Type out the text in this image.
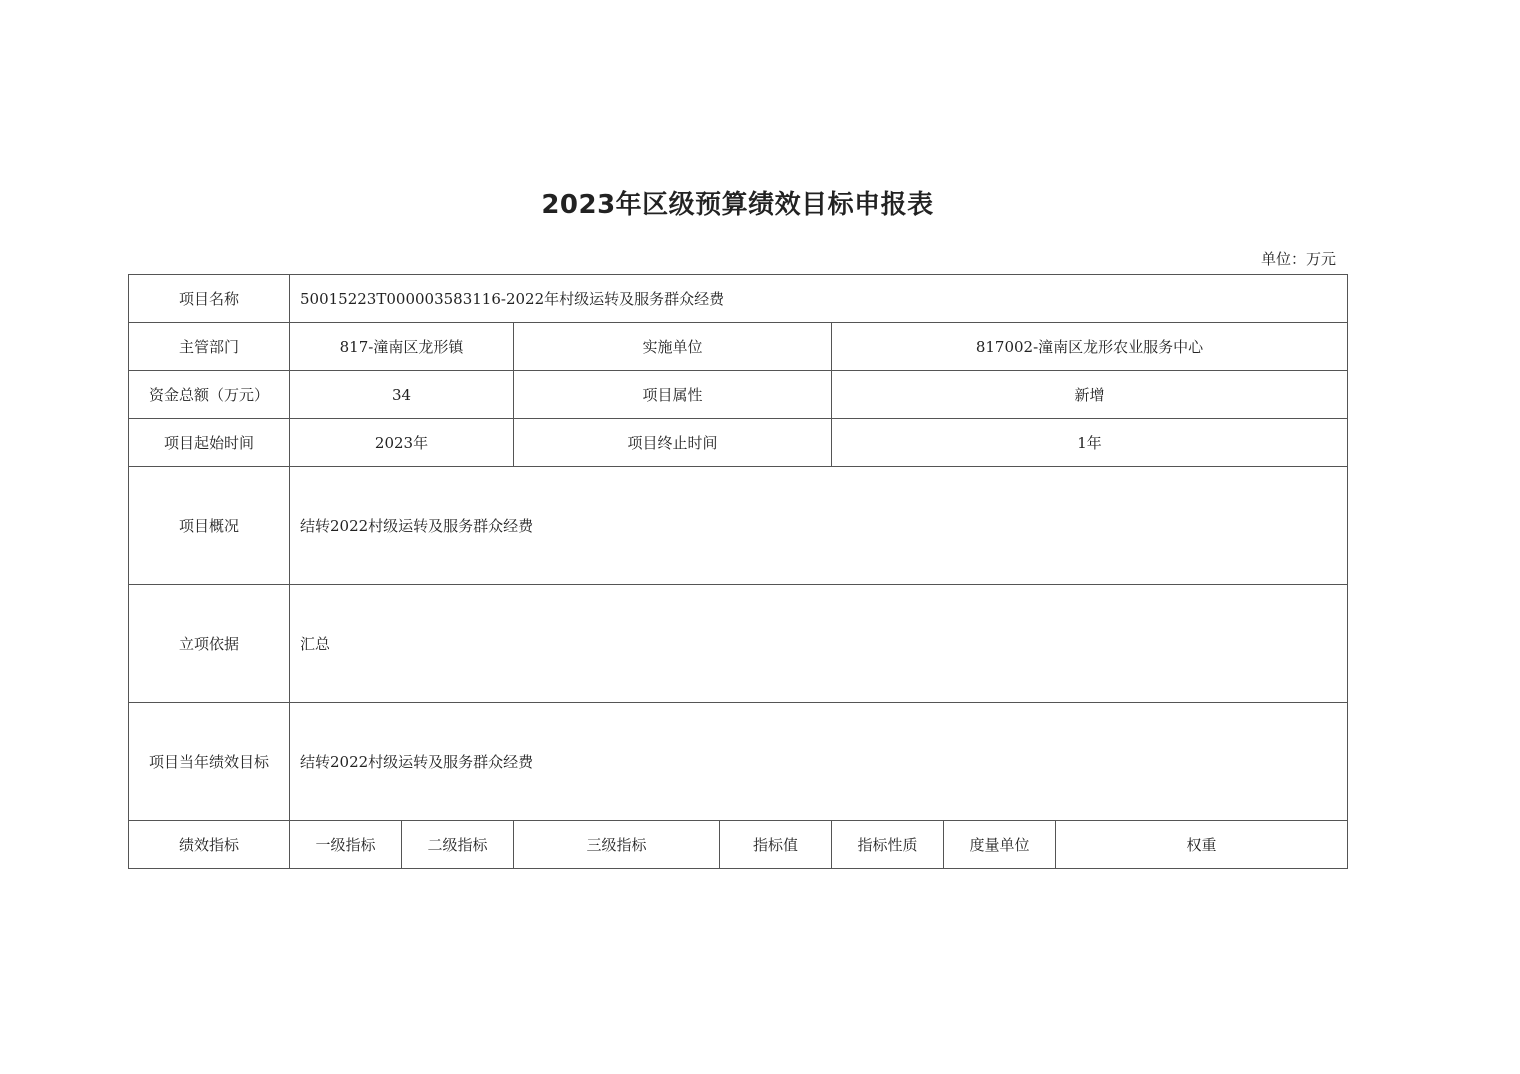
2023年区级预算绩效目标申报表
单位：万元
项目名称	50015223T000003583116-2022年村级运转及服务群众经费						
主管部门	817-潼南区龙形镇		实施单位		817002-潼南区龙形农业服务中心		
资金总额（万元）	34		项目属性		新增		
项目起始时间	2023年		项目终止时间		1年		
项目概况	结转2022村级运转及服务群众经费						
立项依据	汇总						
项目当年绩效目标	结转2022村级运转及服务群众经费						
绩效指标	一级指标	二级指标	三级指标	指标值	指标性质	度量单位	权重
